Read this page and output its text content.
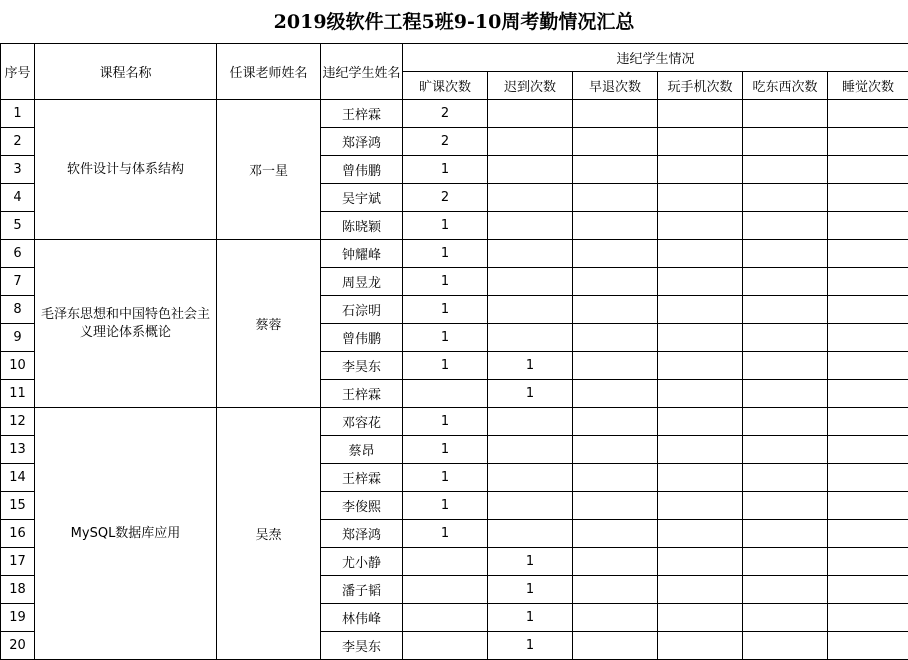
2019级软件工程5班9-10周考勤情况汇总
序号	课程名称	任课老师姓名	违纪学生姓名	违纪学生情况					
				旷课次数	迟到次数	早退次数	玩手机次数	吃东西次数	睡觉次数
1	软件设计与体系结构	邓一星	王梓霖	2					
2			郑泽鸿	2					
3			曾伟鹏	1					
4			吴宇斌	2					
5			陈晓颖	1					
6	毛泽东思想和中国特色社会主义理论体系概论	蔡蓉	钟耀峰	1					
7			周昱龙	1					
8			石淙明	1					
9			曾伟鹏	1					
10			李昊东	1	1				
11			王梓霖		1				
12	MySQL数据库应用	吴焘	邓容花	1					
13			蔡昂	1					
14			王梓霖	1					
15			李俊熙	1					
16			郑泽鸿	1					
17			尤小静		1				
18			潘子韬		1				
19			林伟峰		1				
20			李昊东		1				
